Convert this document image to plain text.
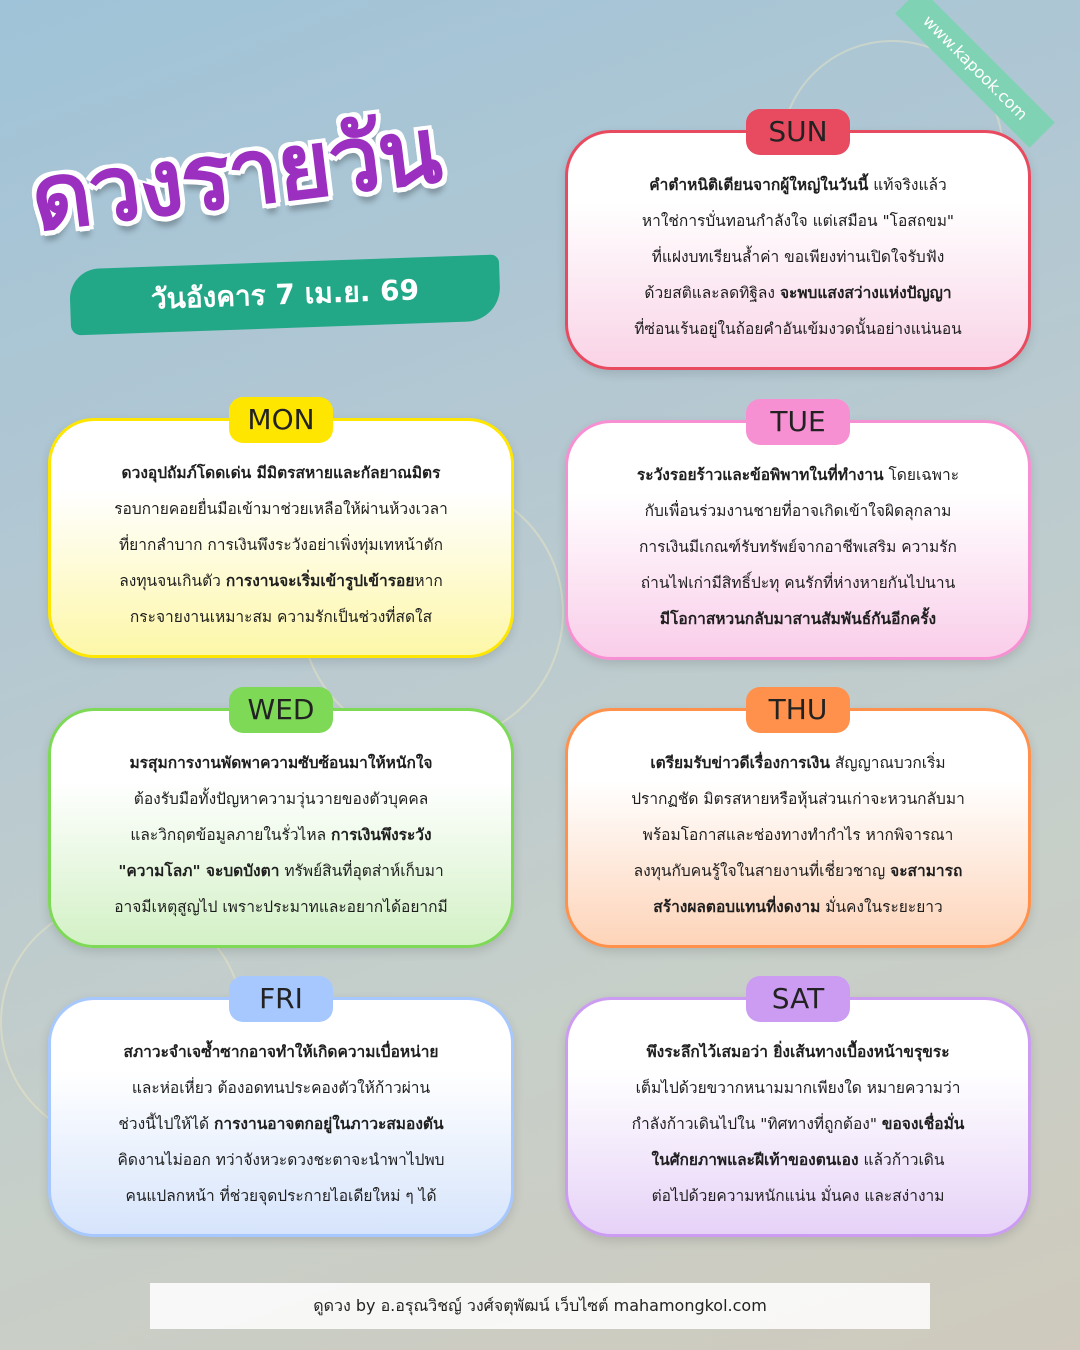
www.kapook.com
ดวงรายวัน
วันอังคาร 7 เม.ย. 69
SUN
คำตำหนิติเตียนจากผู้ใหญ่ในวันนี้ แท้จริงแล้ว
หาใช่การบั่นทอนกำลังใจ แต่เสมือน "โอสถขม"
ที่แฝงบทเรียนล้ำค่า ขอเพียงท่านเปิดใจรับฟัง
ด้วยสติและลดทิฐิลง จะพบแสงสว่างแห่งปัญญา
ที่ซ่อนเร้นอยู่ในถ้อยคำอันเข้มงวดนั้นอย่างแน่นอน
MON
ดวงอุปถัมภ์โดดเด่น มีมิตรสหายและกัลยาณมิตร
รอบกายคอยยื่นมือเข้ามาช่วยเหลือให้ผ่านห้วงเวลา
ที่ยากลำบาก การเงินพึงระวังอย่าเพิ่งทุ่มเทหน้าตัก
ลงทุนจนเกินตัว การงานจะเริ่มเข้ารูปเข้ารอยหาก
กระจายงานเหมาะสม ความรักเป็นช่วงที่สดใส
TUE
ระวังรอยร้าวและข้อพิพาทในที่ทำงาน โดยเฉพาะ
กับเพื่อนร่วมงานชายที่อาจเกิดเข้าใจผิดลุกลาม
การเงินมีเกณฑ์รับทรัพย์จากอาชีพเสริม ความรัก
ถ่านไฟเก่ามีสิทธิ์ปะทุ คนรักที่ห่างหายกันไปนาน
มีโอกาสหวนกลับมาสานสัมพันธ์กันอีกครั้ง
WED
มรสุมการงานพัดพาความซับซ้อนมาให้หนักใจ
ต้องรับมือทั้งปัญหาความวุ่นวายของตัวบุคคล
และวิกฤตข้อมูลภายในรั่วไหล การเงินพึงระวัง
"ความโลภ" จะบดบังตา ทรัพย์สินที่อุตส่าห์เก็บมา
อาจมีเหตุสูญไป เพราะประมาทและอยากได้อยากมี
THU
เตรียมรับข่าวดีเรื่องการเงิน สัญญาณบวกเริ่ม
ปรากฏชัด มิตรสหายหรือหุ้นส่วนเก่าจะหวนกลับมา
พร้อมโอกาสและช่องทางทำกำไร หากพิจารณา
ลงทุนกับคนรู้ใจในสายงานที่เชี่ยวชาญ จะสามารถ
สร้างผลตอบแทนที่งดงาม มั่นคงในระยะยาว
FRI
สภาวะจำเจซ้ำซากอาจทำให้เกิดความเบื่อหน่าย
และห่อเหี่ยว ต้องอดทนประคองตัวให้ก้าวผ่าน
ช่วงนี้ไปให้ได้ การงานอาจตกอยู่ในภาวะสมองตัน
คิดงานไม่ออก ทว่าจังหวะดวงชะตาจะนำพาไปพบ
คนแปลกหน้า ที่ช่วยจุดประกายไอเดียใหม่ ๆ ได้
SAT
พึงระลึกไว้เสมอว่า ยิ่งเส้นทางเบื้องหน้าขรุขระ
เต็มไปด้วยขวากหนามมากเพียงใด หมายความว่า
กำลังก้าวเดินไปใน "ทิศทางที่ถูกต้อง" ขอจงเชื่อมั่น
ในศักยภาพและฝีเท้าของตนเอง แล้วก้าวเดิน
ต่อไปด้วยความหนักแน่น มั่นคง และสง่างาม
ดูดวง by อ.อรุณวิชญ์ วงศ์จตุพัฒน์ เว็บไซต์ mahamongkol.com
